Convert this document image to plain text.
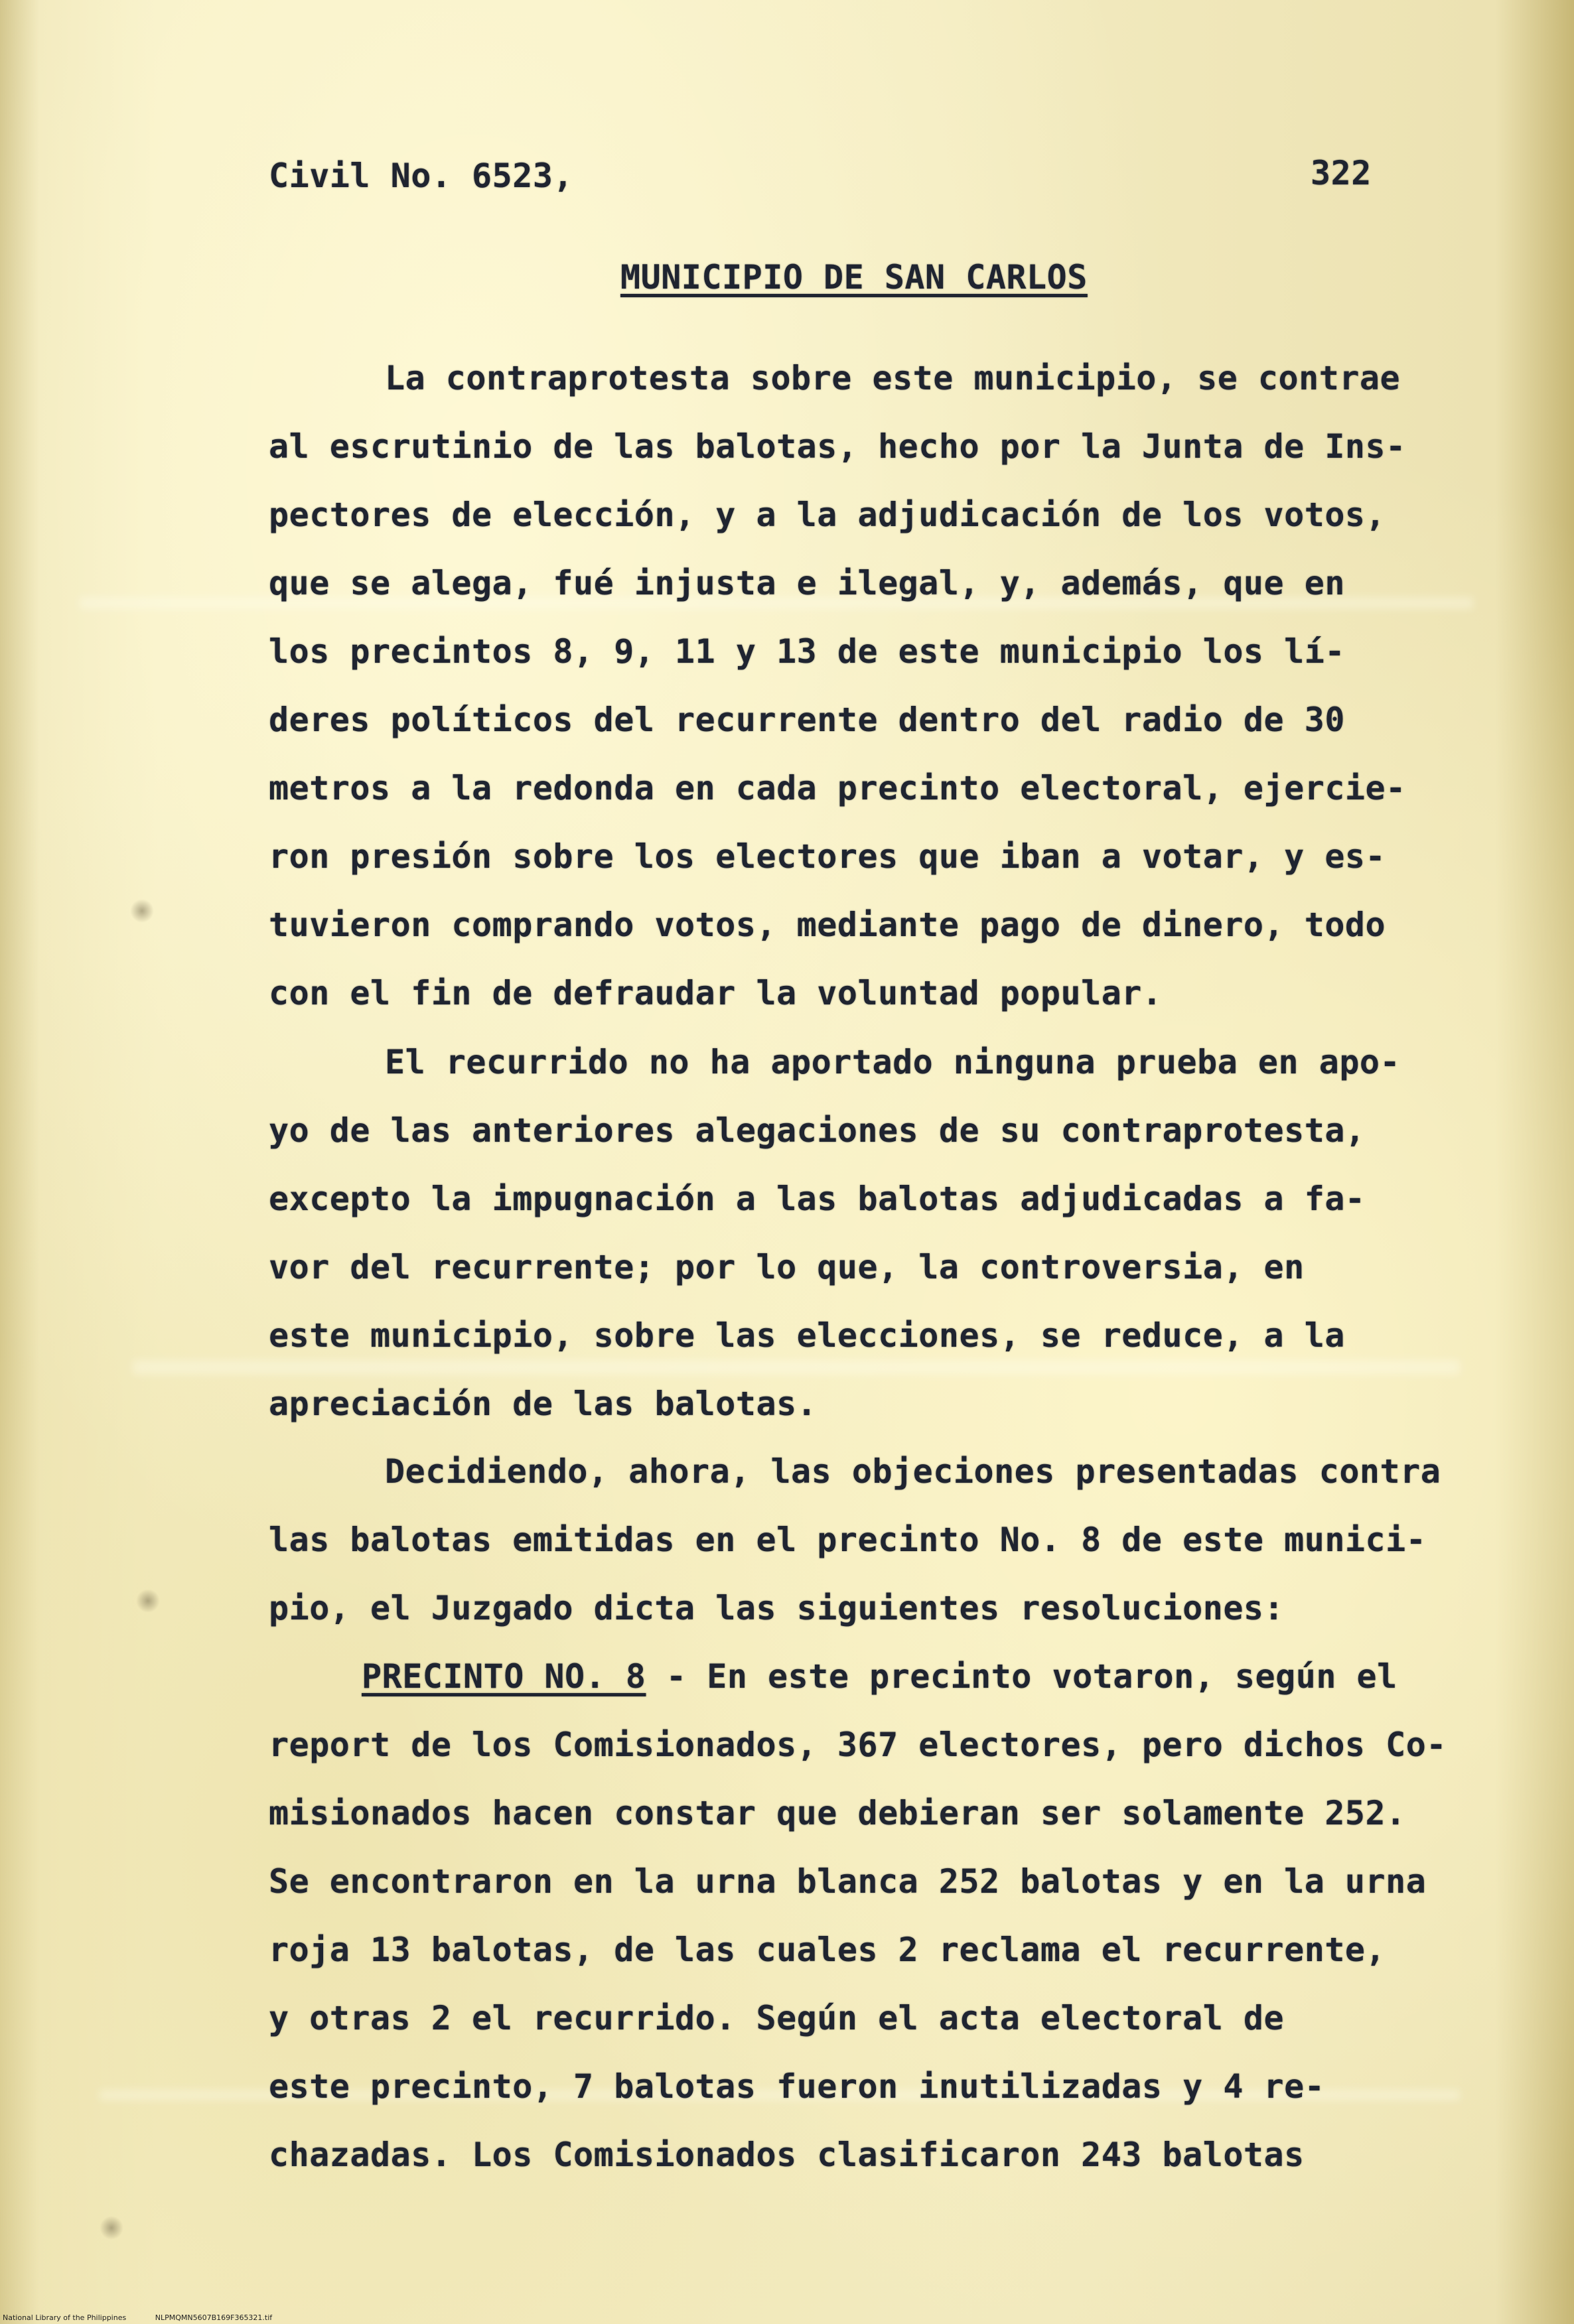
Civil No. 6523,	322
MUNICIPIO DE SAN CARLOS
La contraprotesta sobre este municipio, se contrae
al escrutinio de las balotas, hecho por la Junta de Ins-
pectores de elección, y a la adjudicación de los votos,
que se alega, fué injusta e ilegal, y, además, que en
los precintos 8, 9, 11 y 13 de este municipio los lí-
deres políticos del recurrente dentro del radio de 30
metros a la redonda en cada precinto electoral, ejercie-
ron presión sobre los electores que iban a votar, y es-
tuvieron comprando votos, mediante pago de dinero, todo
con el fin de defraudar la voluntad popular.
El recurrido no ha aportado ninguna prueba en apo-
yo de las anteriores alegaciones de su contraprotesta,
excepto la impugnación a las balotas adjudicadas a fa-
vor del recurrente; por lo que, la controversia, en
este municipio, sobre las elecciones, se reduce, a la
apreciación de las balotas.
Decidiendo, ahora, las objeciones presentadas contra
las balotas emitidas en el precinto No. 8 de este munici-
pio, el Juzgado dicta las siguientes resoluciones:
PRECINTO NO. 8 - En este precinto votaron, según el
report de los Comisionados, 367 electores, pero dichos Co-
misionados hacen constar que debieran ser solamente 252.
Se encontraron en la urna blanca 252 balotas y en la urna
roja 13 balotas, de las cuales 2 reclama el recurrente,
y otras 2 el recurrido. Según el acta electoral de
este precinto, 7 balotas fueron inutilizadas y 4 re-
chazadas. Los Comisionados clasificaron 243 balotas
National Library of the Philippines	NLPMQMN5607B169F365321.tif
